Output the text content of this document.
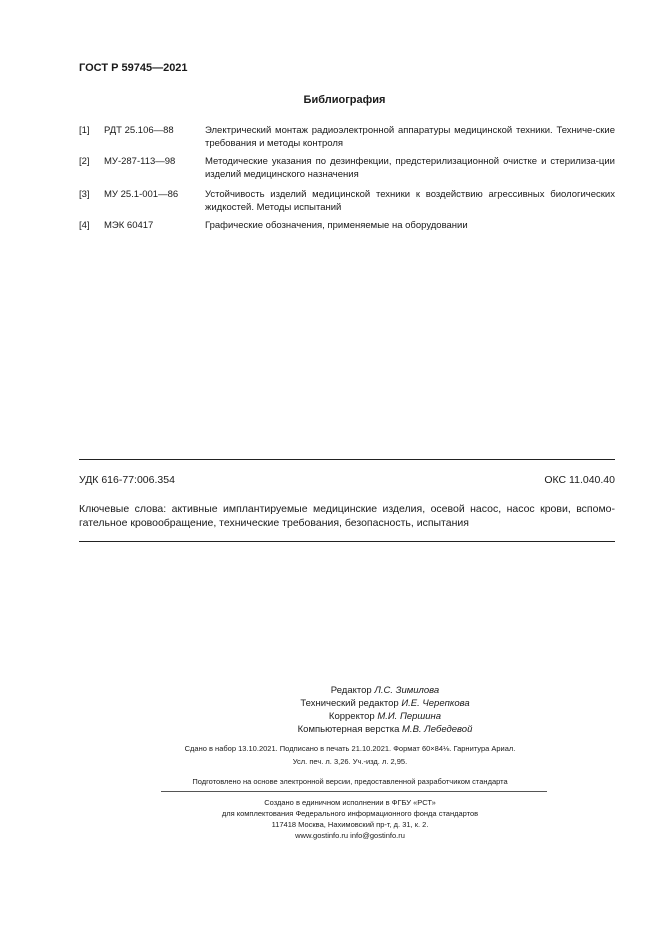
ГОСТ Р 59745—2021
Библиография
[1] РДТ 25.106—88	Электрический монтаж радиоэлектронной аппаратуры медицинской техники. Техниче-ские требования и методы контроля
[2] МУ-287-113—98	Методические указания по дезинфекции, предстерилизационной очистке и стерилиза-ции изделий медицинского назначения
[3] МУ 25.1-001—86	Устойчивость изделий медицинской техники к воздействию агрессивных биологических жидкостей. Методы испытаний
[4] МЭК 60417	Графические обозначения, применяемые на оборудовании
УДК 616-77:006.354	ОКС 11.040.40
Ключевые слова: активные имплантируемые медицинские изделия, осевой насос, насос крови, вспомо-гательное кровообращение, технические требования, безопасность, испытания
Редактор Л.С. Зимилова
Технический редактор И.Е. Черепкова
Корректор М.И. Першина
Компьютерная верстка М.В. Лебедевой
Сдано в набор 13.10.2021. Подписано в печать 21.10.2021. Формат 60×84⅛. Гарнитура Ариал.
Усл. печ. л. 3,26. Уч.-изд. л. 2,95.
Подготовлено на основе электронной версии, предоставленной разработчиком стандарта
Создано в единичном исполнении в ФГБУ «РСТ»
для комплектования Федерального информационного фонда стандартов
117418 Москва, Нахимовский пр-т, д. 31, к. 2.
www.gostinfo.ru info@gostinfo.ru
